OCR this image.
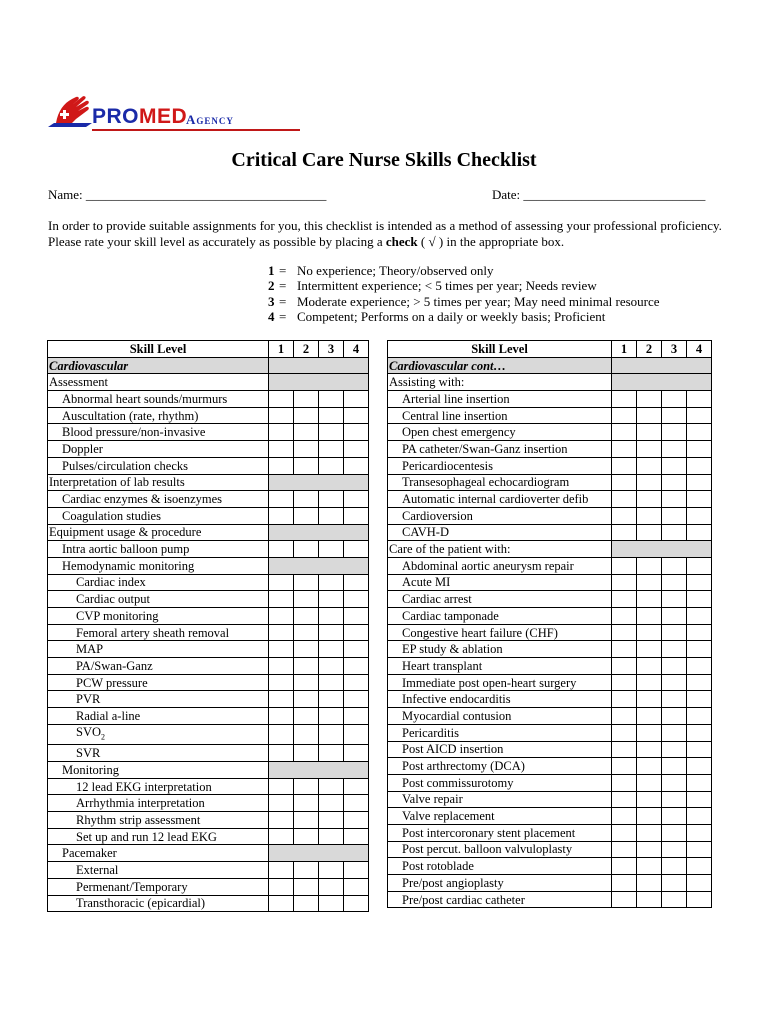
PROMED
Agency
Critical Care Nurse Skills Checklist
Name: _____________________________________	Date: ____________________________
In order to provide suitable assignments for you, this checklist is intended as a method of assessing your professional proficiency. Please rate your skill level as accurately as possible by placing a check ( √ ) in the appropriate box.
1 = No experience; Theory/observed only
2 = Intermittent experience; < 5 times per year; Needs review
3 = Moderate experience; > 5 times per year; May need minimal resource
4 = Competent; Performs on a daily or weekly basis; Proficient
Skill Level	1	2	3	4
Cardiovascular				
Assessment				
Abnormal heart sounds/murmurs				
Auscultation (rate, rhythm)				
Blood pressure/non-invasive				
Doppler				
Pulses/circulation checks				
Interpretation of lab results				
Cardiac enzymes & isoenzymes				
Coagulation studies				
Equipment usage & procedure				
Intra aortic balloon pump				
Hemodynamic monitoring				
Cardiac index				
Cardiac output				
CVP monitoring				
Femoral artery sheath removal				
MAP				
PA/Swan-Ganz				
PCW pressure				
PVR				
Radial a-line				
$SVO_2$				
SVR				
Monitoring				
12 lead EKG interpretation				
Arrhythmia interpretation				
Rhythm strip assessment				
Set up and run 12 lead EKG				
Pacemaker				
External				
Permenant/Temporary				
Transthoracic (epicardial)				
Skill Level	1	2	3	4
Cardiovascular cont…				
Assisting with:				
Arterial line insertion				
Central line insertion				
Open chest emergency				
PA catheter/Swan-Ganz insertion				
Pericardiocentesis				
Transesophageal echocardiogram				
Automatic internal cardioverter defib				
Cardioversion				
CAVH-D				
Care of the patient with:				
Abdominal aortic aneurysm repair				
Acute MI				
Cardiac arrest				
Cardiac tamponade				
Congestive heart failure (CHF)				
EP study & ablation				
Heart transplant				
Immediate post open-heart surgery				
Infective endocarditis				
Myocardial contusion				
Pericarditis				
Post AICD insertion				
Post arthrectomy (DCA)				
Post commissurotomy				
Valve repair				
Valve replacement				
Post intercoronary stent placement				
Post percut. balloon valvuloplasty				
Post rotoblade				
Pre/post angioplasty				
Pre/post cardiac catheter				
